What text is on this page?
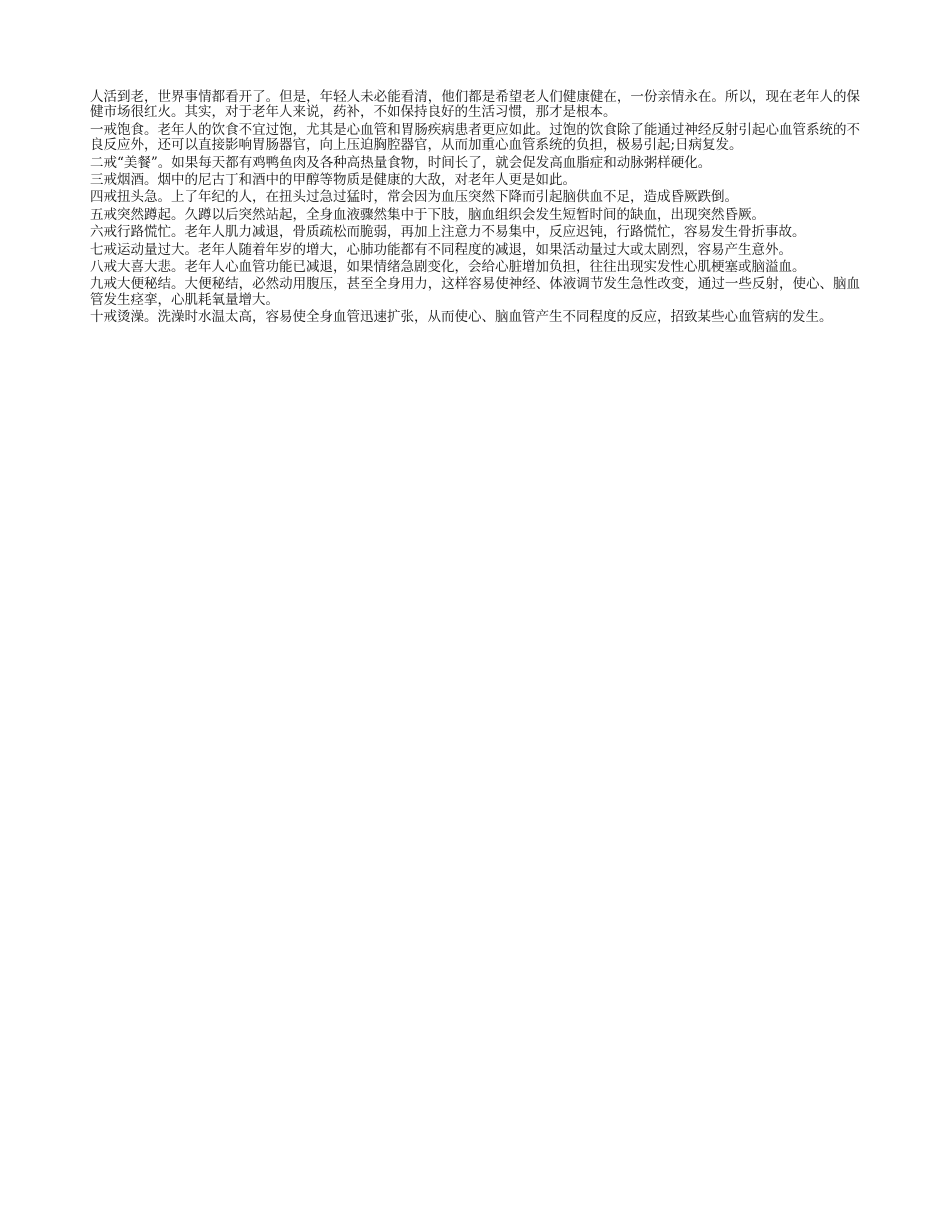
人活到老，世界事情都看开了。但是，年轻人未必能看清，他们都是希望老人们健康健在，一份亲情永在。所以，现在老年人的保健市场很红火。其实，对于老年人来说，药补，不如保持良好的生活习惯，那才是根本。

一戒饱食。老年人的饮食不宜过饱，尤其是心血管和胃肠疾病患者更应如此。过饱的饮食除了能通过神经反射引起心血管系统的不良反应外，还可以直接影响胃肠器官，向上压迫胸腔器官，从而加重心血管系统的负担，极易引起;日病复发。

二戒“美餐”。如果每天都有鸡鸭鱼肉及各种高热量食物，时间长了，就会促发高血脂症和动脉粥样硬化。

三戒烟酒。烟中的尼古丁和酒中的甲醇等物质是健康的大敌，对老年人更是如此。

四戒扭头急。上了年纪的人，在扭头过急过猛时，常会因为血压突然下降而引起脑供血不足，造成昏厥跌倒。

五戒突然蹲起。久蹲以后突然站起，全身血液骤然集中于下肢，脑血组织会发生短暂时间的缺血，出现突然昏厥。

六戒行路慌忙。老年人肌力减退，骨质疏松而脆弱，再加上注意力不易集中，反应迟钝，行路慌忙，容易发生骨折事故。

七戒运动量过大。老年人随着年岁的增大，心肺功能都有不同程度的减退，如果活动量过大或太剧烈，容易产生意外。

八戒大喜大悲。老年人心血管功能已减退，如果情绪急剧变化，会给心脏增加负担，往往出现实发性心肌梗塞或脑溢血。

九戒大便秘结。大便秘结，必然动用腹压，甚至全身用力，这样容易使神经、体液调节发生急性改变，通过一些反射，使心、脑血管发生痉挛，心肌耗氧量增大。

十戒烫澡。洗澡时水温太高，容易使全身血管迅速扩张，从而使心、脑血管产生不同程度的反应，招致某些心血管病的发生。
